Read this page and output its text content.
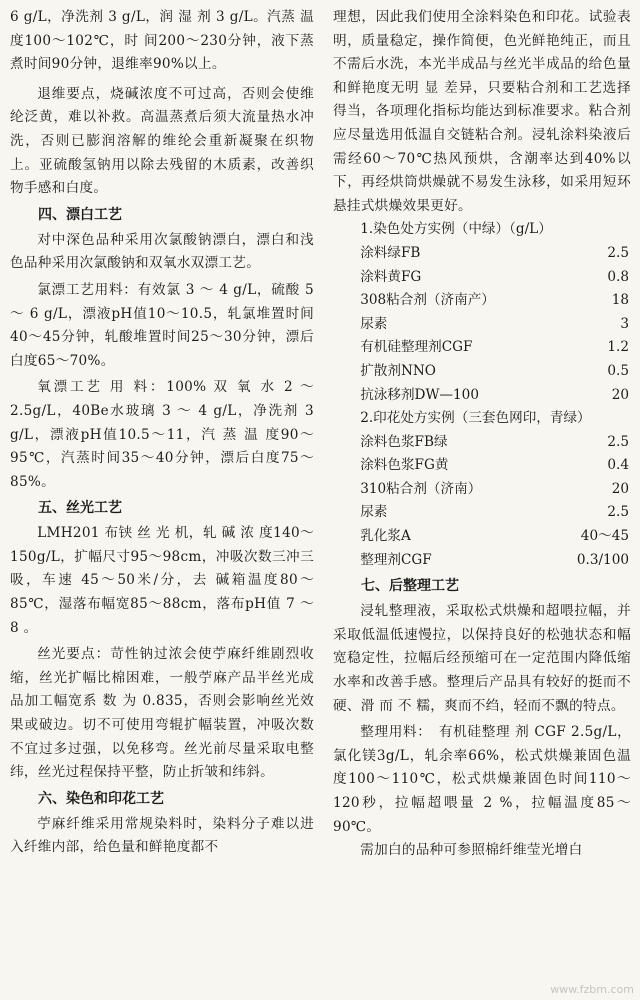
6 g/L，净洗剂 3 g/L，润 湿 剂 3 g/L。汽蒸 温 度100～102℃，时 间200～230分钟，液下蒸煮时间90分钟，退维率90%以上。

退维要点，烧碱浓度不可过高，否则会使维纶泛黄，难以补救。高温蒸煮后须大流量热水冲洗，否则已膨润溶解的维纶会重新凝聚在织物上。亚硫酸氢钠用以除去残留的木质素，改善织物手感和白度。

四、漂白工艺

对中深色品种采用次氯酸钠漂白，漂白和浅色品种采用次氯酸钠和双氧水双漂工艺。

氯漂工艺用料：有效氯 3 ～ 4 g/L，硫酸 5 ～ 6 g/L，漂液pH值10～10.5，轧氯堆置时间40～45分钟，轧酸堆置时间25～30分钟，漂后白度65～70%。

氧漂工艺 用 料：100% 双 氧 水 2 ～2.5g/L，40Be水玻璃 3 ～ 4 g/L，净洗剂 3 g/L，漂液pH值10.5～11，汽 蒸 温 度90～95℃，汽蒸时间35～40分钟，漂后白度75～85%。

五、丝光工艺

LMH201 布铗 丝 光 机，轧 碱 浓 度140～150g/L，扩幅尺寸95～98cm，冲吸次数三冲三吸，车速 45～50米/分，去 碱箱温度80～85℃，湿落布幅宽85～88cm，落布pH值 7 ～ 8 。

丝光要点：苛性钠过浓会使苧麻纤维剧烈收缩，丝光扩幅比棉困难，一般苧麻产品半丝光成品加工幅宽系 数 为 0.835，否则会影响丝光效果或破边。切不可使用弯辊扩幅装置，冲吸次数不宜过多过强，以免移弯。丝光前尽量采取电整纬，丝光过程保持平整，防止折皱和纬斜。

六、染色和印花工艺

苧麻纤维采用常规染料时，染料分子难以进入纤维内部，给色量和鲜艳度都不

理想，因此我们使用全涂料染色和印花。试验表明，质量稳定，操作简便，色光鲜艳纯正，而且不需后水洗，本光半成品与丝光半成品的给色量和鲜艳度无明 显 差异，只要粘合剂和工艺选择得当，各项理化指标均能达到标准要求。粘合剂应尽量选用低温自交链粘合剂。浸轧涂料染液后需经60～70℃热风预烘，含潮率达到40%以下，再经烘筒烘燥就不易发生泳移，如采用短环悬挂式烘燥效果更好。

1.染色处方实例（中绿）（g/L）
涂料绿FB	2.5
涂料黄FG	0.8
308粘合剂（济南产）	18
尿素	3
有机硅整理剂CGF	1.2
扩散剂NNO	0.5
抗泳移剂DW—100	20
2.印花处方实例（三套色网印，青绿）
涂料色浆FB绿	2.5
涂料色浆FG黄	0.4
310粘合剂（济南）	20
尿素	2.5
乳化浆A	40～45
整理剂CGF	0.3/100
七、后整理工艺

浸轧整理液，采取松式烘燥和超喂拉幅，并采取低温低速慢拉，以保持良好的松弛状态和幅宽稳定性，拉幅后经预缩可在一定范围内降低缩水率和改善手感。整理后产品具有较好的挺而不硬、滑 而 不 糯，爽而不绉，轻而不飘的特点。

整理用料：　有机硅整理 剂 CGF 2.5g/L，氯化镁3g/L，轧余率66%，松式烘燥兼固色温度100～110℃，松式烘燥兼固色时间110～120秒，拉幅超喂量 2 %，拉幅温度85～90℃。

需加白的品种可参照棉纤维莹光增白

www.fzbm.com
